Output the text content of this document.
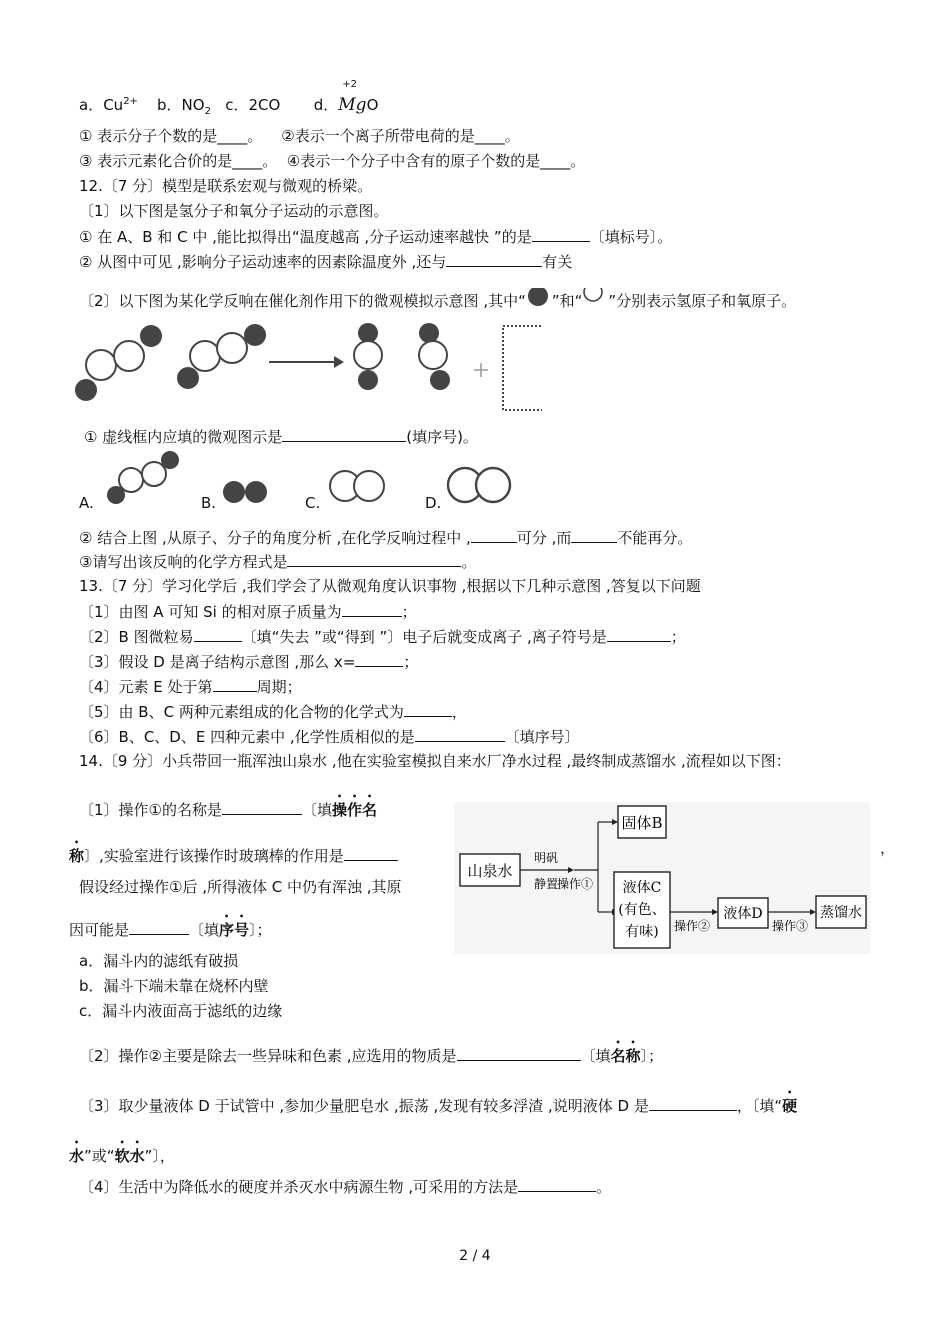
a．$Cu^{2+}$ b．$NO_2$ c．2CO d．
+2
MgO
① 表示分子个数的是____。 ②表示一个离子所带电荷的是____。
③ 表示元素化合价的是____。 ④表示一个分子中含有的原子个数的是____。
12.〔7 分〕模型是联系宏观与微观的桥梁。
〔1〕以下图是氢分子和氧分子运动的示意图。
① 在 A、B 和 C 中 ,能比拟得出“温度越高 ,分子运动速率越快 ”的是	〔填标号〕。
② 从图中可见 ,影响分子运动速率的因素除温度外 ,还与	有关
〔2〕以下图为某化学反响在催化剂作用下的微观模拟示意图 ,其中“ ”和“ ”分别表示氢原子和氧原子。
① 虚线框内应填的微观图示是	(填序号)。
A.	B.	C.	D.
② 结合上图 ,从原子、分子的角度分析 ,在化学反响过程中 ,	可分 ,而	不能再分。
③请写出该反响的化学方程式是	。
13.〔7 分〕学习化学后 ,我们学会了从微观角度认识事物 ,根据以下几种示意图 ,答复以下问题
〔1〕由图 A 可知 Si 的相对原子质量为	；
〔2〕B 图微粒易	〔填“失去 ”或“得到 ”〕电子后就变成离子 ,离子符号是	；
〔3〕假设 D 是离子结构示意图 ,那么 x=	；
〔4〕元素 E 处于第	周期；
〔5〕由 B、C 两种元素组成的化合物的化学式为	，
〔6〕B、C、D、E 四种元素中 ,化学性质相似的是	〔填序号〕
14.〔9 分〕小兵带回一瓶浑浊山泉水 ,他在实验室模拟自来水厂净水过程 ,最终制成蒸馏水 ,流程如以下图：
〔1〕操作①的名称是	〔填操作名
称〕,实验室进行该操作时玻璃棒的作用是	，
假设经过操作①后 ,所得液体 C 中仍有浑浊 ,其原
因可能是	〔填序号〕；
a．漏斗内的滤纸有破损
b．漏斗下端未靠在烧杯内壁
c．漏斗内液面高于滤纸的边缘
山泉水
明矾
静置
操作①
固体B
液体C
(有色、
有味) 操作②
液体D
操作③
蒸馏水
〔2〕操作②主要是除去一些异味和色素 ,应选用的物质是	〔填名称〕；
〔3〕取少量液体 D 于试管中 ,参加少量肥皂水 ,振荡 ,发现有较多浮渣 ,说明液体 D 是	，〔填“硬
水”或“软水”〕，
〔4〕生活中为降低水的硬度并杀灭水中病源生物 ,可采用的方法是	。
2 / 4
